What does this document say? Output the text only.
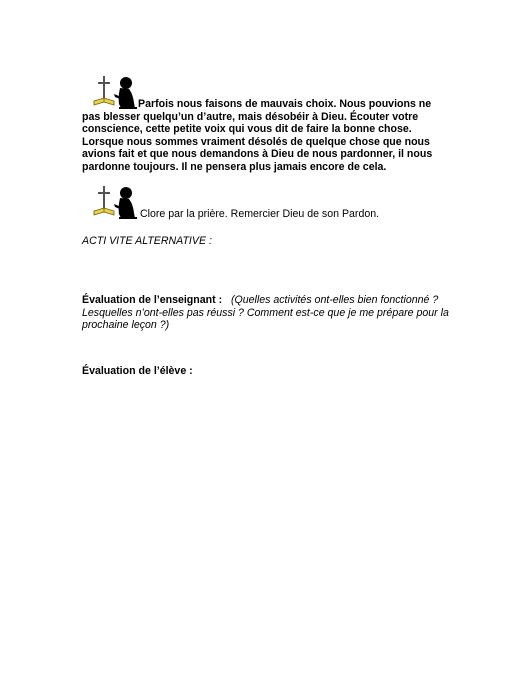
Parfois nous faisons de mauvais choix. Nous pouvions ne pas blesser quelqu’un d’autre, mais désobéir à Dieu. Écouter votre conscience, cette petite voix qui vous dit de faire la bonne chose. Lorsque nous sommes vraiment désolés de quelque chose que nous avions fait et que nous demandons à Dieu de nous pardonner, il nous pardonne toujours. Il ne pensera plus jamais encore de cela.
Clore par la prière. Remercier Dieu de son Pardon.
ACTI VITE ALTERNATIVE :
Évaluation de l’enseignant : (Quelles activités ont-elles bien fonctionné ? Lesquelles n’ont-elles pas réussi ? Comment est-ce que je me prépare pour la prochaine leçon ?)
Évaluation de l’élève :
